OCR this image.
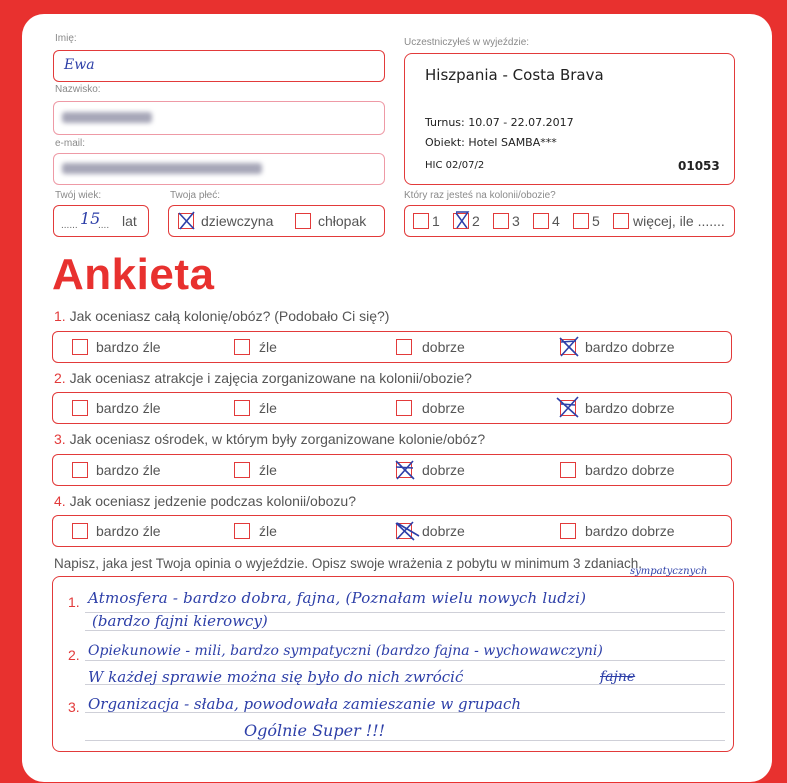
Imię:
Ewa
Nazwisko:
e-mail:
Uczestniczyłeś w wyjeździe:
Hiszpania - Costa Brava
Turnus: 10.07 - 22.07.2017
Obiekt: Hotel SAMBA***
HIC 02/07/2	01053
Twój wiek:
...... 15
.... lat
Twoja płeć:
dziewczyna	chłopak
Który raz jesteś na kolonii/obozie?
1 2 3 4 5 więcej, ile .......
Ankieta
1. Jak oceniasz całą kolonię/obóz? (Podobało Ci się?)
bardzo źle	źle	dobrze	bardzo dobrze
2. Jak oceniasz atrakcje i zajęcia zorganizowane na kolonii/obozie?
bardzo źle	źle	dobrze	bardzo dobrze
3. Jak oceniasz ośrodek, w którym były zorganizowane kolonie/obóz?
bardzo źle	źle	dobrze	bardzo dobrze
4. Jak oceniasz jedzenie podczas kolonii/obozu?
bardzo źle	źle	dobrze	bardzo dobrze
Napisz, jaka jest Twoja opinia o wyjeździe. Opisz swoje wrażenia z pobytu w minimum 3 zdaniach.
1.
2.
3.
Atmosfera - bardzo dobra, fajna, (Poznałam wielu nowych ludzi)
sympatycznych
(bardzo fajni kierowcy)
Opiekunowie - mili, bardzo sympatyczni (bardzo fajna - wychowawczyni)
W każdej sprawie można się było do nich zwrócić	fajne
Organizacja - słaba, powodowała zamieszanie w grupach
Ogólnie Super !!!
